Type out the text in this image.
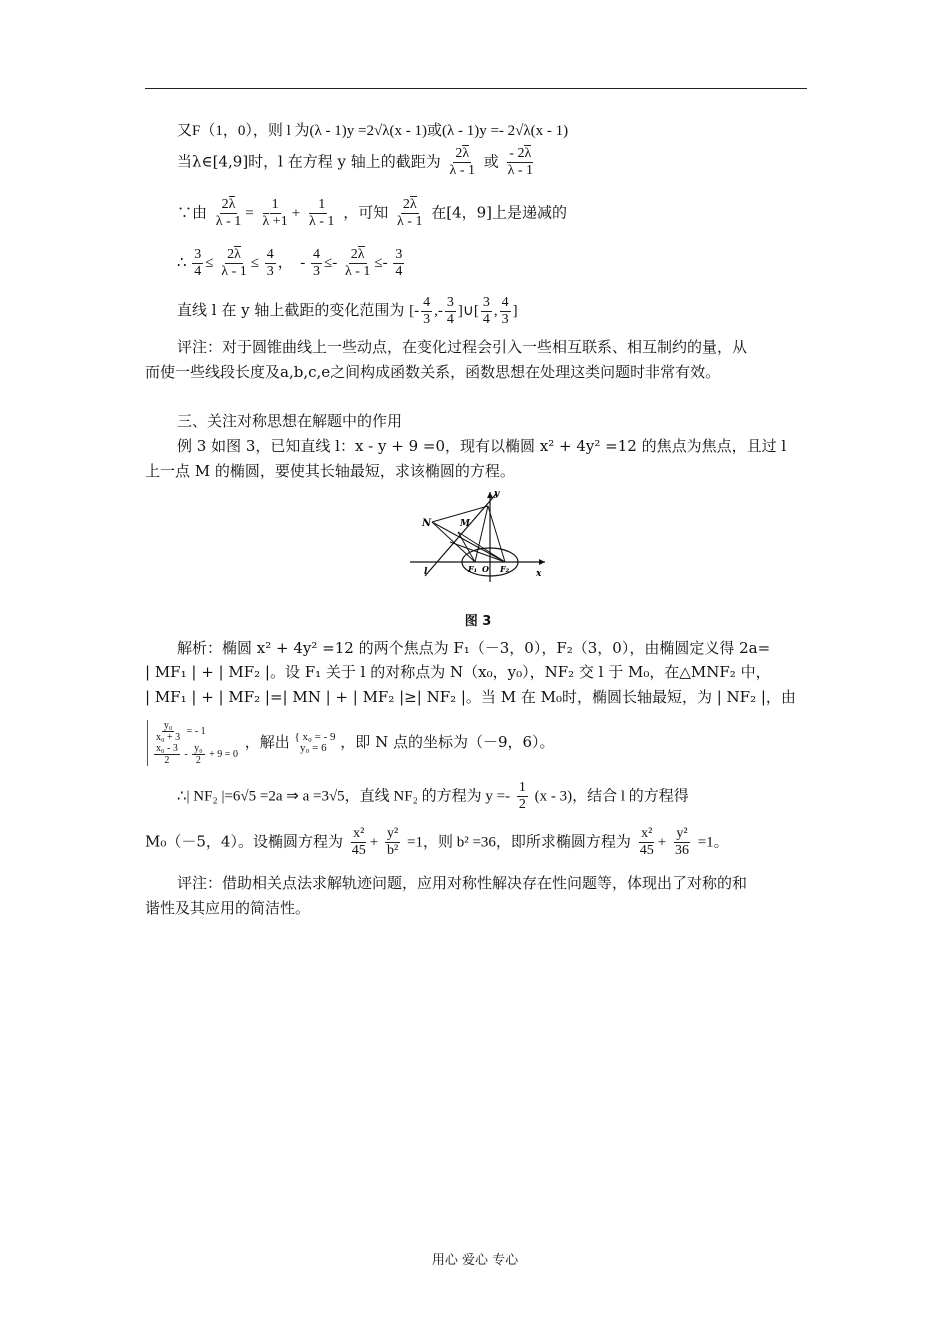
又F（1，0），则 l 为(λ - 1)y =2√λ(x - 1)或(λ - 1)y =- 2√λ(x - 1)
当λ∈[4,9]时，l 在方程 y 轴上的截距为 $\frac{2\lambda}{\lambda - 1}$ 或 $\frac{- 2\lambda}{\lambda - 1}$
∵由 $\frac{2\lambda}{\lambda - 1} = \frac{1}{\lambda +1} + \frac{1}{\lambda - 1}$ ，可知 $\frac{2\lambda}{\lambda - 1}$ 在[4，9]上是递减的
∴ $\frac{3}{4} \le \frac{2\lambda}{\lambda - 1} \le \frac{4}{3}$ ，  - $\frac{4}{3} \le- \frac{2\lambda}{\lambda - 1} \le- \frac{3}{4}$
直线 l 在 y 轴上截距的变化范围为 [- $\frac{4}{3}$ ,- $\frac{3}{4}$ ]∪[ $\frac{3}{4}$ , $\frac{4}{3}$ ]
评注：对于圆锥曲线上一些动点，在变化过程会引入一些相互联系、相互制约的量，从
而使一些线段长度及a,b,c,e之间构成函数关系，函数思想在处理这类问题时非常有效。
三、关注对称思想在解题中的作用
例 3 如图 3，已知直线 l：x - y + 9 =0，现有以椭圆 x² + 4y² =12 的焦点为焦点，且过 l
上一点 M 的椭圆，要使其长轴最短，求该椭圆的方程。
N	M
y
x
l	F₁ O F₂
图 3
解析：椭圆 x² + 4y² =12 的两个焦点为 F₁（－3，0），F₂（3，0），由椭圆定义得 2a=
| MF₁ | + | MF₂ |。设 F₁ 关于 l 的对称点为 N（x₀，y₀），NF₂ 交 l 于 M₀，在△MNF₂ 中，
| MF₁ | + | MF₂ |=| MN | + | MF₂ |≥| NF₂ |。当 M 在 M₀时，椭圆长轴最短，为 | NF₂ |，由
$\frac{\text{y₀}}{\text{x₀ + 3}}$ = - 1

$\frac{\text{x₀ - 3}}{2} - \frac{\text{y₀}}{2} + 9 = 0$ ，解出 { x₀ = - 9
y₀ = 6 ，即 N 点的坐标为（－9，6）。
∴| NF₂ |=6√5 =2a ⇒ a =3√5，直线 NF₂ 的方程为 $y =- \frac{1}{2} (x - 3)$，结合 l 的方程得
M₀（－5，4）。设椭圆方程为 $\frac{\text{x²}}{45} + \frac{\text{y²}}{\text{b²}} =1$，则 b² =36，即所求椭圆方程为 $\frac{\text{x²}}{45} + \frac{\text{y²}}{36} =1$。
评注：借助相关点法求解轨迹问题，应用对称性解决存在性问题等，体现出了对称的和
谐性及其应用的简洁性。
用心 爱心 专心
